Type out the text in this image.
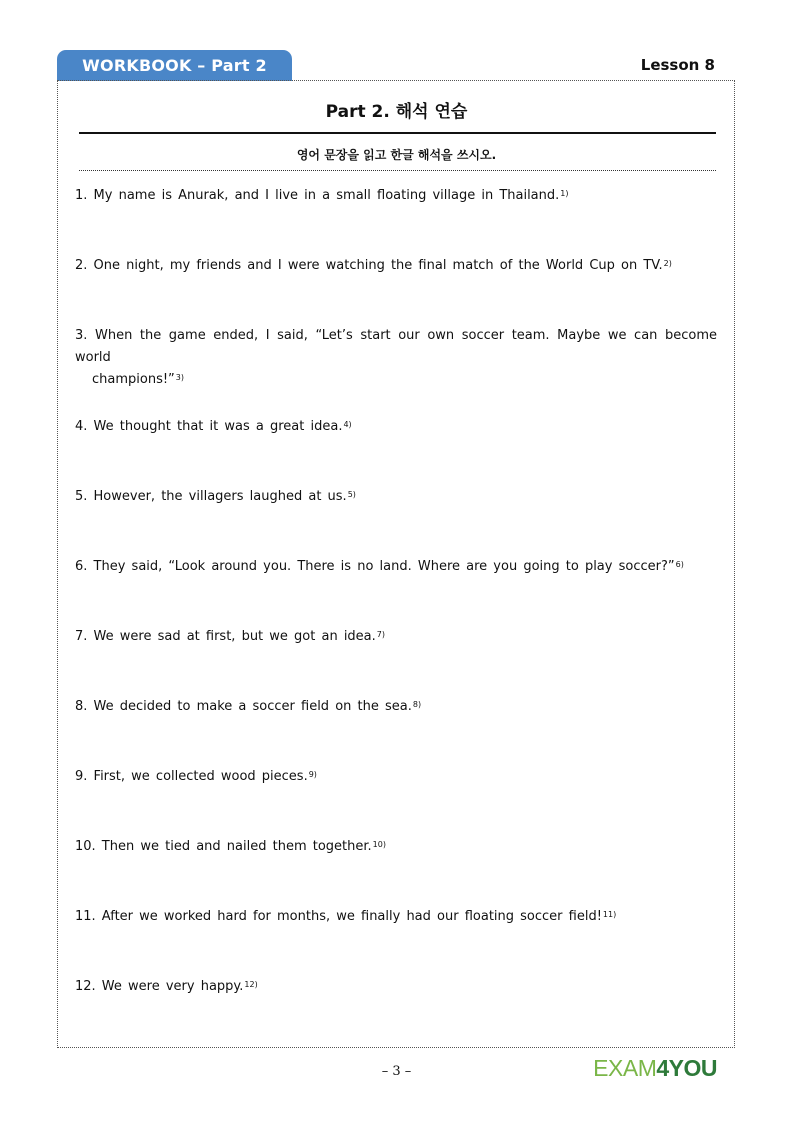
WORKBOOK – Part 2	Lesson 8
Part 2. 해석 연습
영어 문장을 읽고 한글 해석을 쓰시오.
1. My name is Anurak, and I live in a small floating village in Thailand.$^{1)}$
2. One night, my friends and I were watching the final match of the World Cup on TV.$^{2)}$
3. When the game ended, I said, “Let’s start our own soccer team. Maybe we can become world
champions!”$^{3)}$
4. We thought that it was a great idea.$^{4)}$
5. However, the villagers laughed at us.$^{5)}$
6. They said, “Look around you. There is no land. Where are you going to play soccer?”$^{6)}$
7. We were sad at first, but we got an idea.$^{7)}$
8. We decided to make a soccer field on the sea.$^{8)}$
9. First, we collected wood pieces.$^{9)}$
10. Then we tied and nailed them together.$^{10)}$
11. After we worked hard for months, we finally had our floating soccer field!$^{11)}$
12. We were very happy.$^{12)}$
– 3 –	EXAM4YOU
